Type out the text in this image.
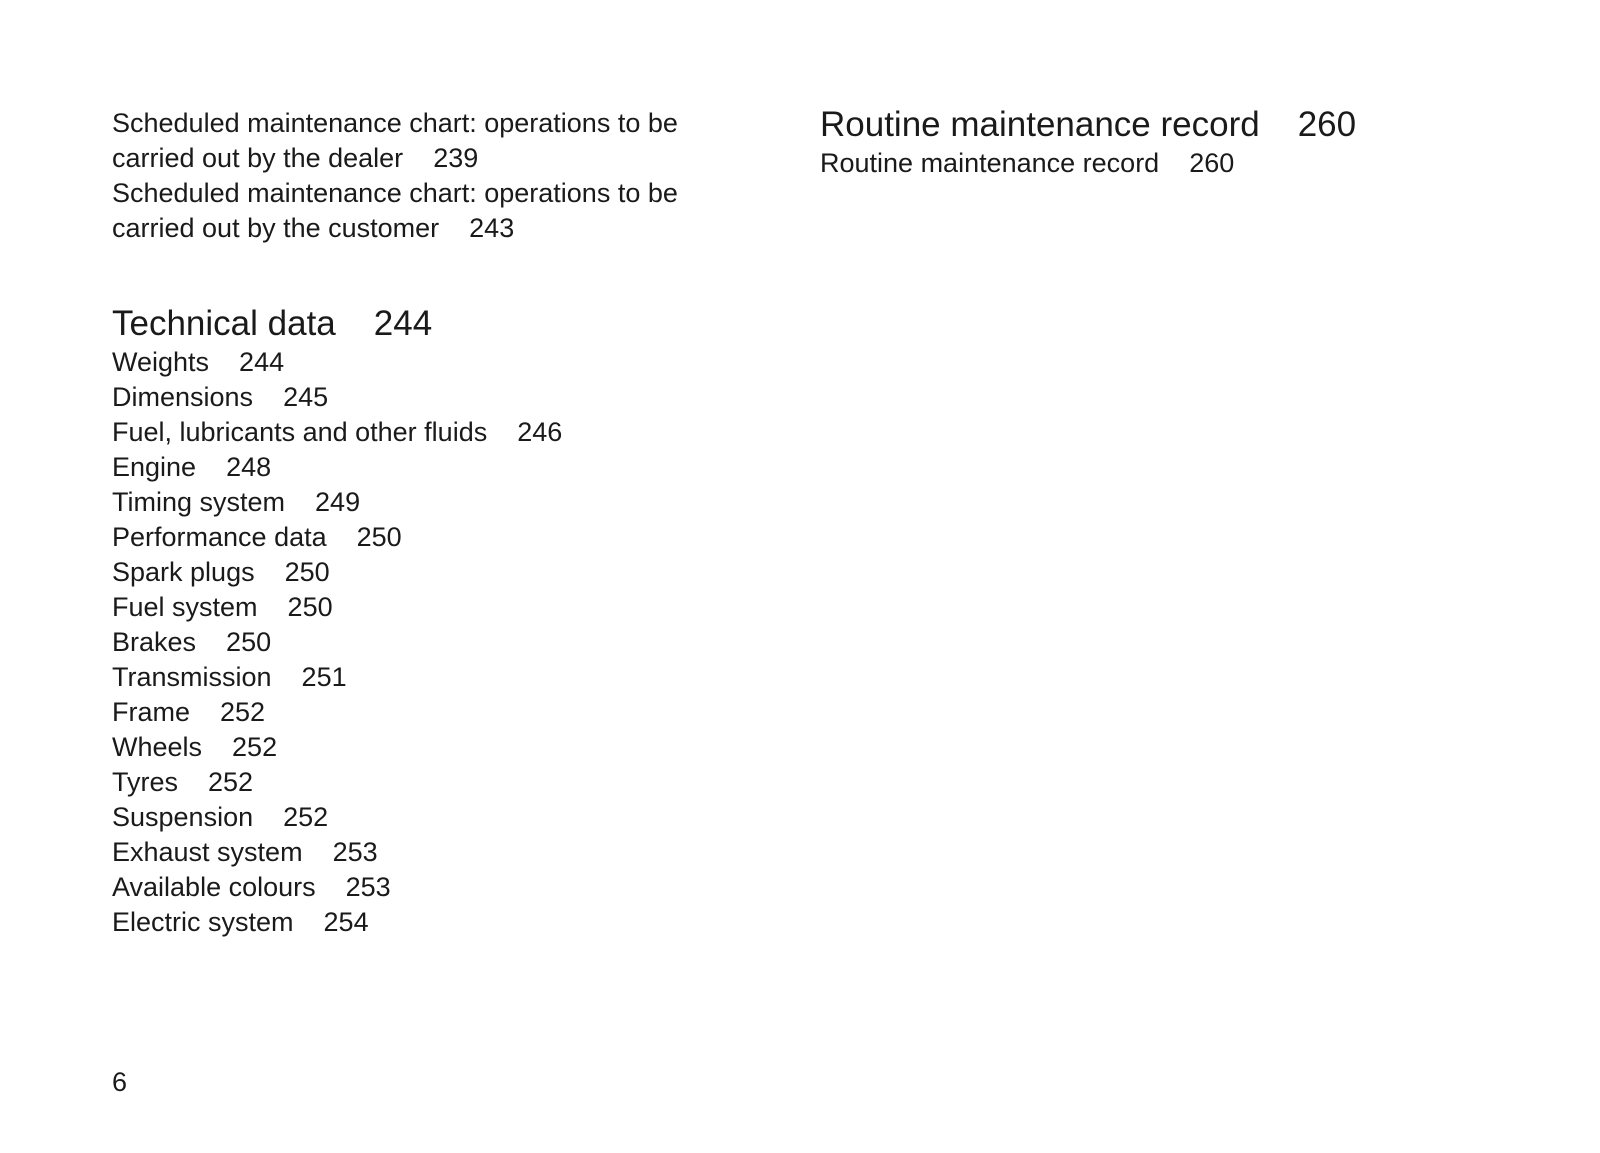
Scheduled maintenance chart: operations to be carried out by the dealer 239
Scheduled maintenance chart: operations to be carried out by the customer 243
Technical data 244
Weights 244
Dimensions 245
Fuel, lubricants and other fluids 246
Engine 248
Timing system 249
Performance data 250
Spark plugs 250
Fuel system 250
Brakes 250
Transmission 251
Frame 252
Wheels 252
Tyres 252
Suspension 252
Exhaust system 253
Available colours 253
Electric system 254
Routine maintenance record 260
Routine maintenance record 260
6
